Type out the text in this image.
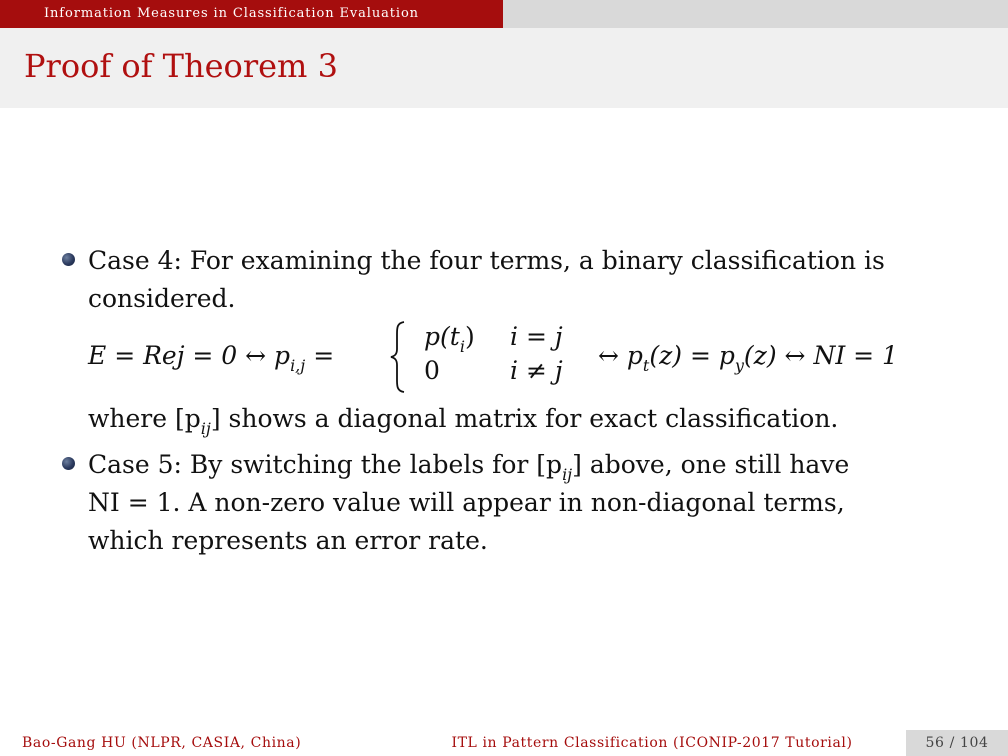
Information Measures in Classification Evaluation
Proof of Theorem 3
Case 4: For examining the four terms, a binary classification is
considered.
E = Rej = 0 ↔ $p_{i,j}$ =
$p(t_i) i = j$
0	i ≠ j
↔ $p_t(z) = p_y(z)$ ↔ NI = 1
where $[p_{ij}]$ shows a diagonal matrix for exact classification.
Case 5: By switching the labels for $[p_{ij}]$ above, one still have
NI = 1. A non-zero value will appear in non-diagonal terms,
which represents an error rate.
Bao-Gang HU (NLPR, CASIA, China)	ITL in Pattern Classification (ICONIP-2017 Tutorial)	56 / 104
